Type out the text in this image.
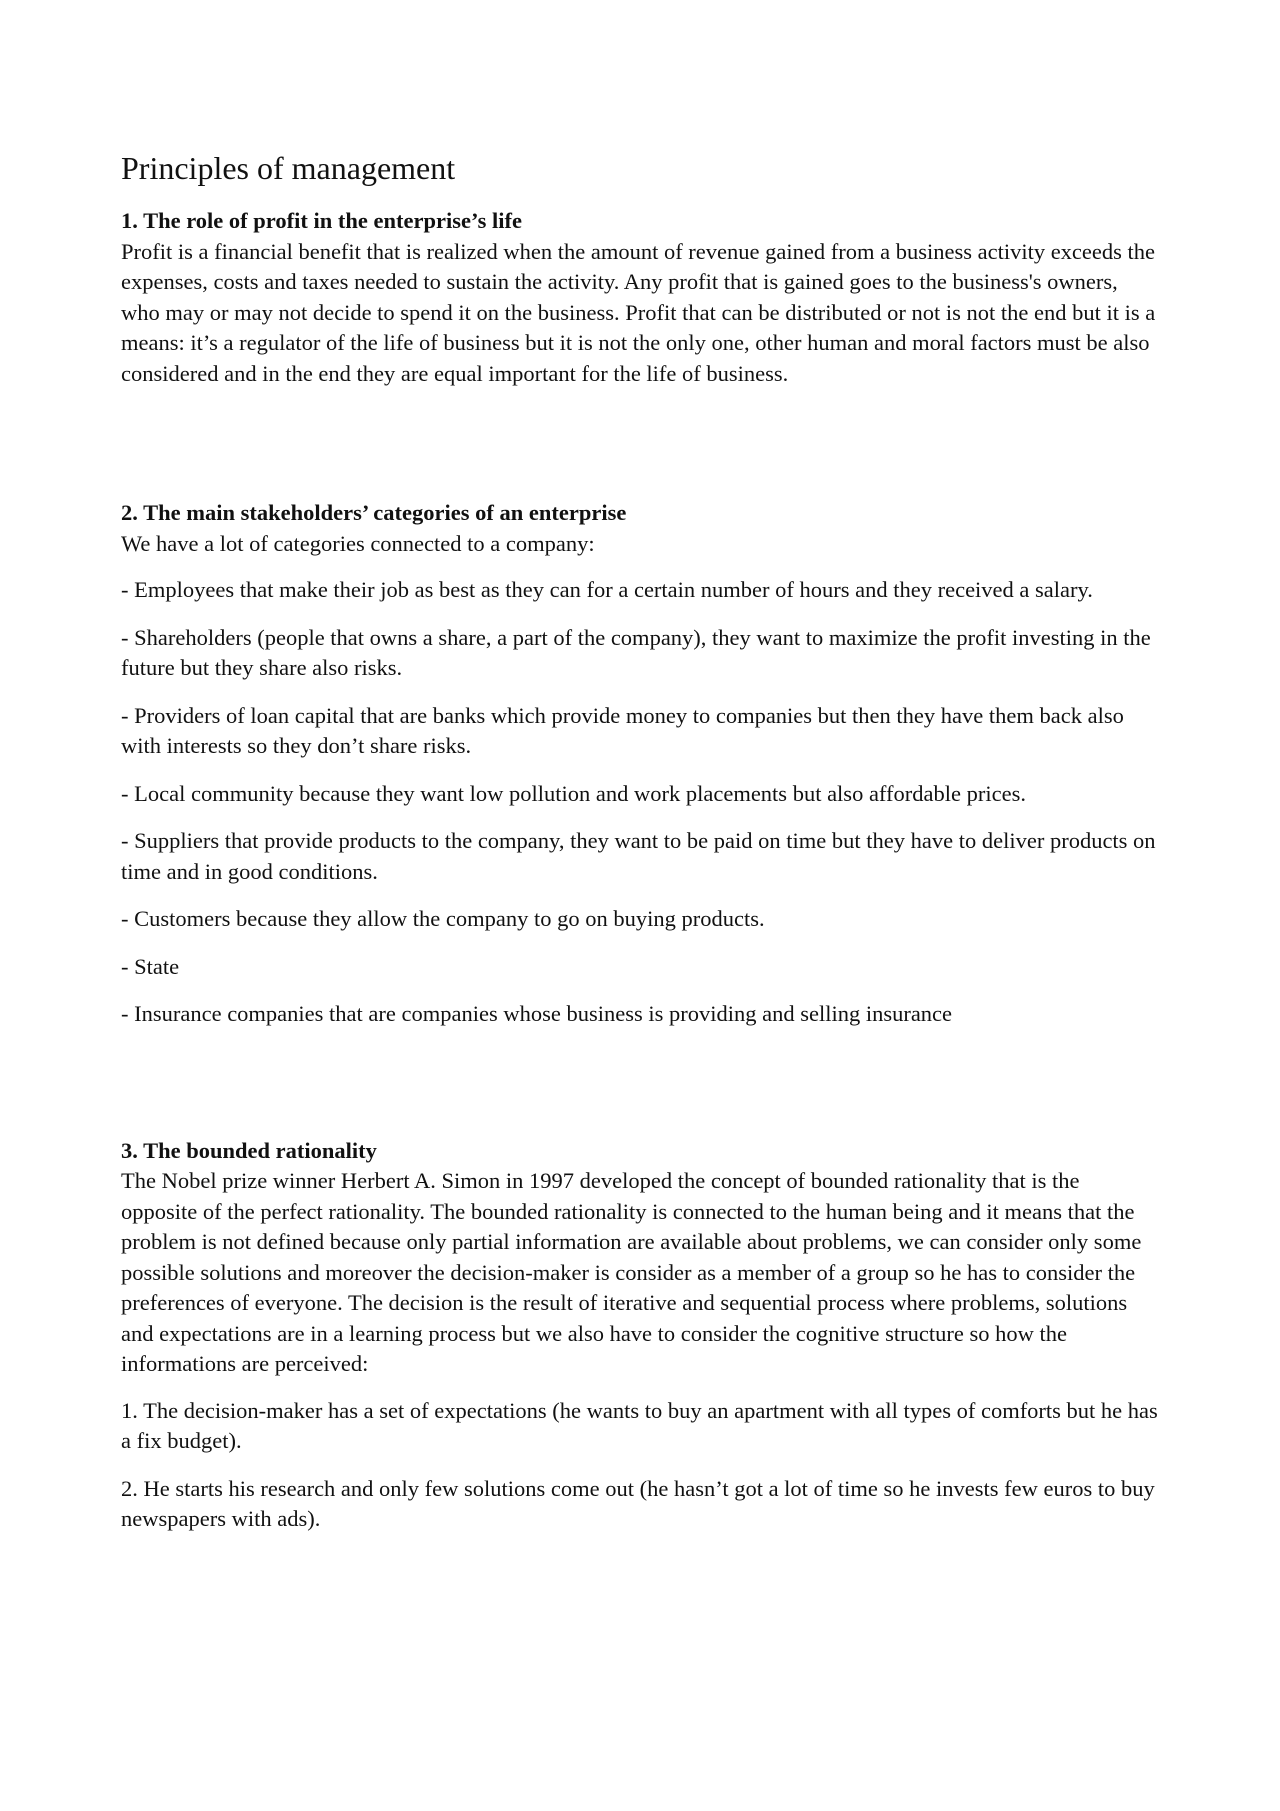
Principles of management
1. The role of profit in the enterprise’s life

Profit is a financial benefit that is realized when the amount of revenue gained from a business activity exceeds the expenses, costs and taxes needed to sustain the activity. Any profit that is gained goes to the business's owners, who may or may not decide to spend it on the business. Profit that can be distributed or not is not the end but it is a means: it’s a regulator of the life of business but it is not the only one, other human and moral factors must be also considered and in the end they are equal important for the life of business.

2. The main stakeholders’ categories of an enterprise

We have a lot of categories connected to a company:

- Employees that make their job as best as they can for a certain number of hours and they received a salary.

- Shareholders (people that owns a share, a part of the company), they want to maximize the profit investing in the future but they share also risks.

- Providers of loan capital that are banks which provide money to companies but then they have them back also with interests so they don’t share risks.

- Local community because they want low pollution and work placements but also affordable prices.

- Suppliers that provide products to the company, they want to be paid on time but they have to deliver products on time and in good conditions.

- Customers because they allow the company to go on buying products.

- State

- Insurance companies that are companies whose business is providing and selling insurance

3. The bounded rationality

The Nobel prize winner Herbert A. Simon in 1997 developed the concept of bounded rationality that is the opposite of the perfect rationality. The bounded rationality is connected to the human being and it means that the problem is not defined because only partial information are available about problems, we can consider only some possible solutions and moreover the decision-maker is consider as a member of a group so he has to consider the preferences of everyone. The decision is the result of iterative and sequential process where problems, solutions and expectations are in a learning process but we also have to consider the cognitive structure so how the informations are perceived:

1. The decision-maker has a set of expectations (he wants to buy an apartment with all types of comforts but he has a fix budget).

2. He starts his research and only few solutions come out (he hasn’t got a lot of time so he invests few euros to buy newspapers with ads).
